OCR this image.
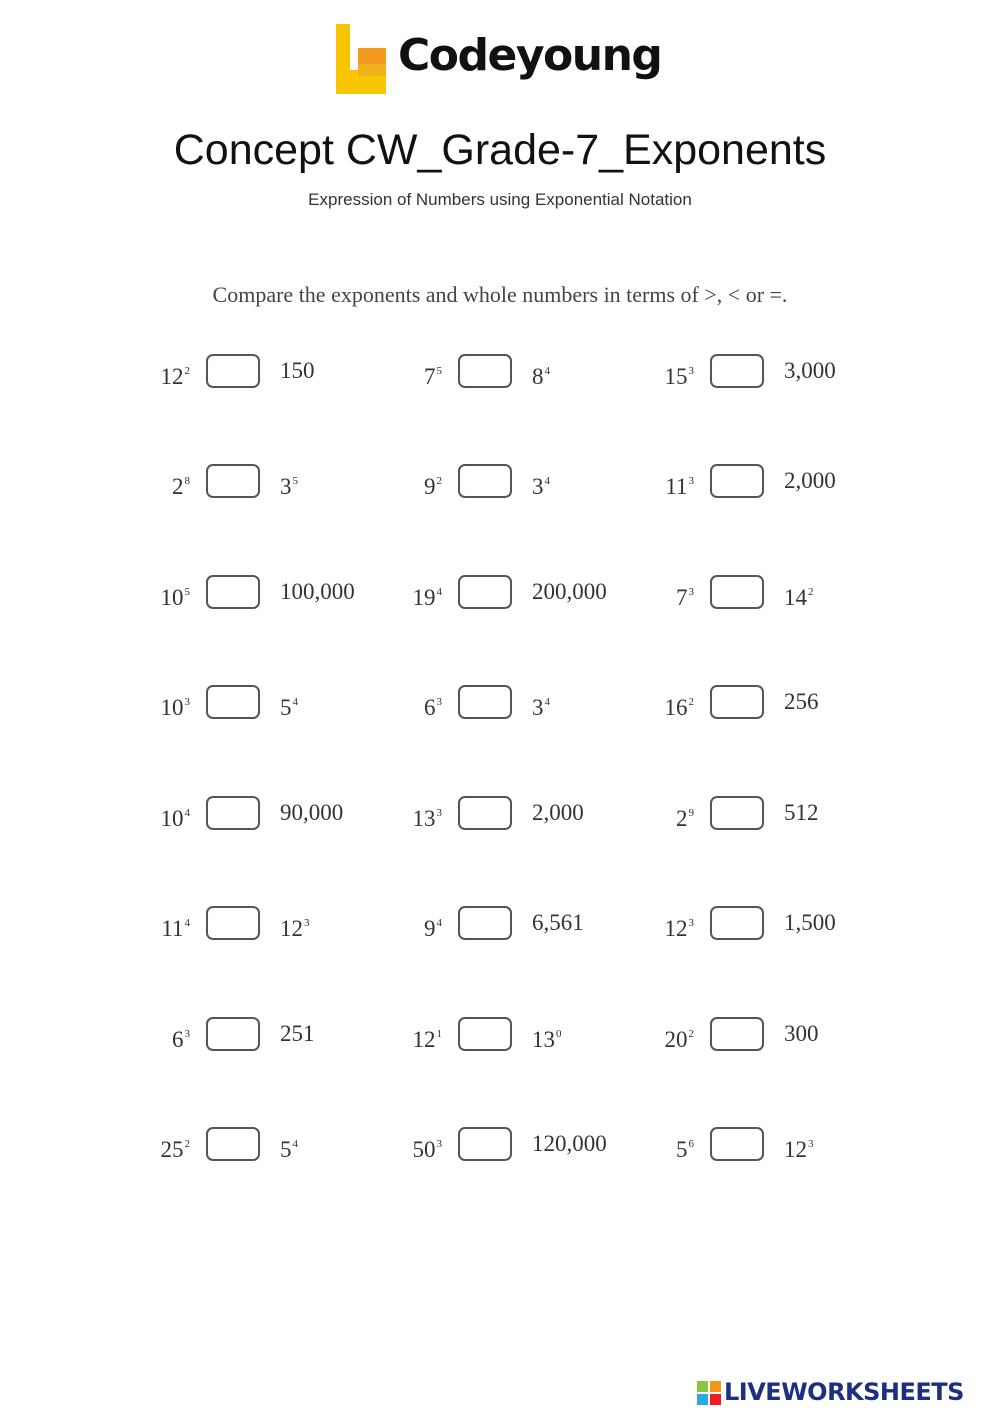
Codeyoung
Concept CW_Grade-7_Exponents
Expression of Numbers using Exponential Notation
Compare the exponents and whole numbers in terms of >, < or =.
$12^2$	150	$7^5$	$8^4$	$15^3$	3,000
$2^8$	$3^5$	$9^2$	$3^4$	$11^3$	2,000
$10^5$	100,000	$19^4$	200,000	$7^3$	$14^2$
$10^3$	$5^4$	$6^3$	$3^4$	$16^2$	256
$10^4$	90,000	$13^3$	2,000	$2^9$	512
$11^4$	$12^3$	$9^4$	6,561	$12^3$	1,500
$6^3$	251	$12^1$	$13^0$	$20^2$	300
$25^2$	$5^4$	$50^3$	120,000	$5^6$	$12^3$
LIVEWORKSHEETS
